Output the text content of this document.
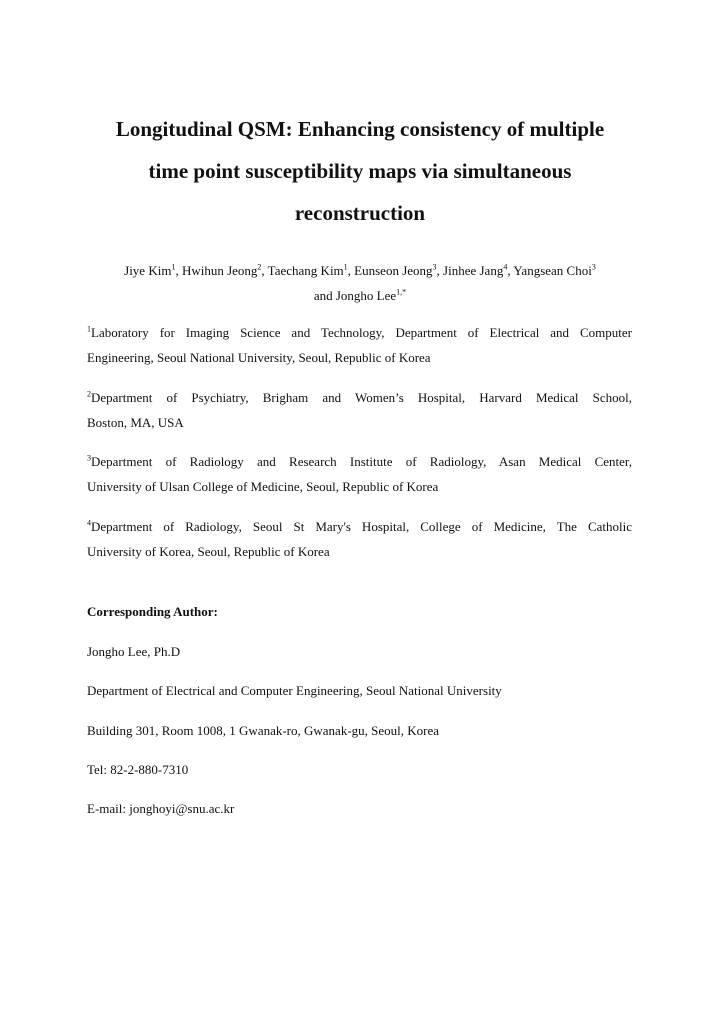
Longitudinal QSM: Enhancing consistency of multiple
time point susceptibility maps via simultaneous
reconstruction
Jiye Kim$^1$, Hwihun Jeong$^2$, Taechang Kim$^1$, Eunseon Jeong$^3$, Jinhee Jang$^4$, Yangsean Choi$^3$
and Jongho Lee$^{1,*}$

$^1$Laboratory for Imaging Science and Technology, Department of Electrical and Computer
Engineering, Seoul National University, Seoul, Republic of Korea

$^2$Department of Psychiatry, Brigham and Women’s Hospital, Harvard Medical School,
Boston, MA, USA

$^3$Department of Radiology and Research Institute of Radiology, Asan Medical Center,
University of Ulsan College of Medicine, Seoul, Republic of Korea

$^4$Department of Radiology, Seoul St Mary's Hospital, College of Medicine, The Catholic
University of Korea, Seoul, Republic of Korea

Corresponding Author:

Jongho Lee, Ph.D

Department of Electrical and Computer Engineering, Seoul National University

Building 301, Room 1008, 1 Gwanak-ro, Gwanak-gu, Seoul, Korea

Tel: 82-2-880-7310

E-mail: jonghoyi@snu.ac.kr
